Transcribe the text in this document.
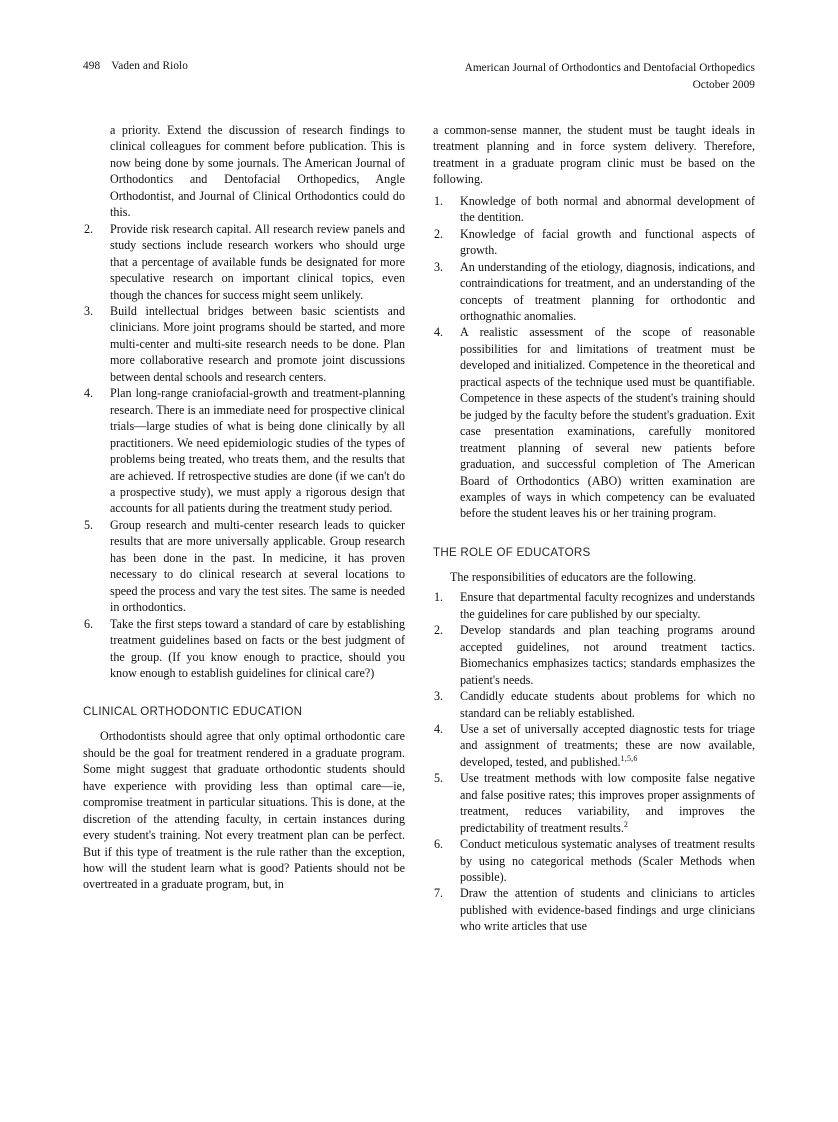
498 Vaden and Riolo	American Journal of Orthodontics and Dentofacial Orthopedics
October 2009
a priority. Extend the discussion of research findings to clinical colleagues for comment before publication. This is now being done by some journals. The American Journal of Orthodontics and Dentofacial Orthopedics, Angle Orthodontist, and Journal of Clinical Orthodontics could do this.
2.	Provide risk research capital. All research review panels and study sections include research workers who should urge that a percentage of available funds be designated for more speculative research on important clinical topics, even though the chances for success might seem unlikely.
3.	Build intellectual bridges between basic scientists and clinicians. More joint programs should be started, and more multi-center and multi-site research needs to be done. Plan more collaborative research and promote joint discussions between dental schools and research centers.
4.	Plan long-range craniofacial-growth and treatment-planning research. There is an immediate need for prospective clinical trials—large studies of what is being done clinically by all practitioners. We need epidemiologic studies of the types of problems being treated, who treats them, and the results that are achieved. If retrospective studies are done (if we can't do a prospective study), we must apply a rigorous design that accounts for all patients during the treatment study period.
5.	Group research and multi-center research leads to quicker results that are more universally applicable. Group research has been done in the past. In medicine, it has proven necessary to do clinical research at several locations to speed the process and vary the test sites. The same is needed in orthodontics.
6.	Take the first steps toward a standard of care by establishing treatment guidelines based on facts or the best judgment of the group. (If you know enough to practice, should you know enough to establish guidelines for clinical care?)
CLINICAL ORTHODONTIC EDUCATION

Orthodontists should agree that only optimal orthodontic care should be the goal for treatment rendered in a graduate program. Some might suggest that graduate orthodontic students should have experience with providing less than optimal care—ie, compromise treatment in particular situations. This is done, at the discretion of the attending faculty, in certain instances during every student's training. Not every treatment plan can be perfect. But if this type of treatment is the rule rather than the exception, how will the student learn what is good? Patients should not be overtreated in a graduate program, but, in

a common-sense manner, the student must be taught ideals in treatment planning and in force system delivery. Therefore, treatment in a graduate program clinic must be based on the following.

1.	Knowledge of both normal and abnormal development of the dentition.
2.	Knowledge of facial growth and functional aspects of growth.
3.	An understanding of the etiology, diagnosis, indications, and contraindications for treatment, and an understanding of the concepts of treatment planning for orthodontic and orthognathic anomalies.
4.	A realistic assessment of the scope of reasonable possibilities for and limitations of treatment must be developed and initialized. Competence in the theoretical and practical aspects of the technique used must be quantifiable. Competence in these aspects of the student's training should be judged by the faculty before the student's graduation. Exit case presentation examinations, carefully monitored treatment planning of several new patients before graduation, and successful completion of The American Board of Orthodontics (ABO) written examination are examples of ways in which competency can be evaluated before the student leaves his or her training program.
THE ROLE OF EDUCATORS

The responsibilities of educators are the following.

1.	Ensure that departmental faculty recognizes and understands the guidelines for care published by our specialty.
2.	Develop standards and plan teaching programs around accepted guidelines, not around treatment tactics. Biomechanics emphasizes tactics; standards emphasizes the patient's needs.
3.	Candidly educate students about problems for which no standard can be reliably established.
4.	Use a set of universally accepted diagnostic tests for triage and assignment of treatments; these are now available, developed, tested, and published.$^{1,5,6}$
5.	Use treatment methods with low composite false negative and false positive rates; this improves proper assignments of treatment, reduces variability, and improves the predictability of treatment results.$^2$
6.	Conduct meticulous systematic analyses of treatment results by using no categorical methods (Scaler Methods when possible).
7.	Draw the attention of students and clinicians to articles published with evidence-based findings and urge clinicians who write articles that use
